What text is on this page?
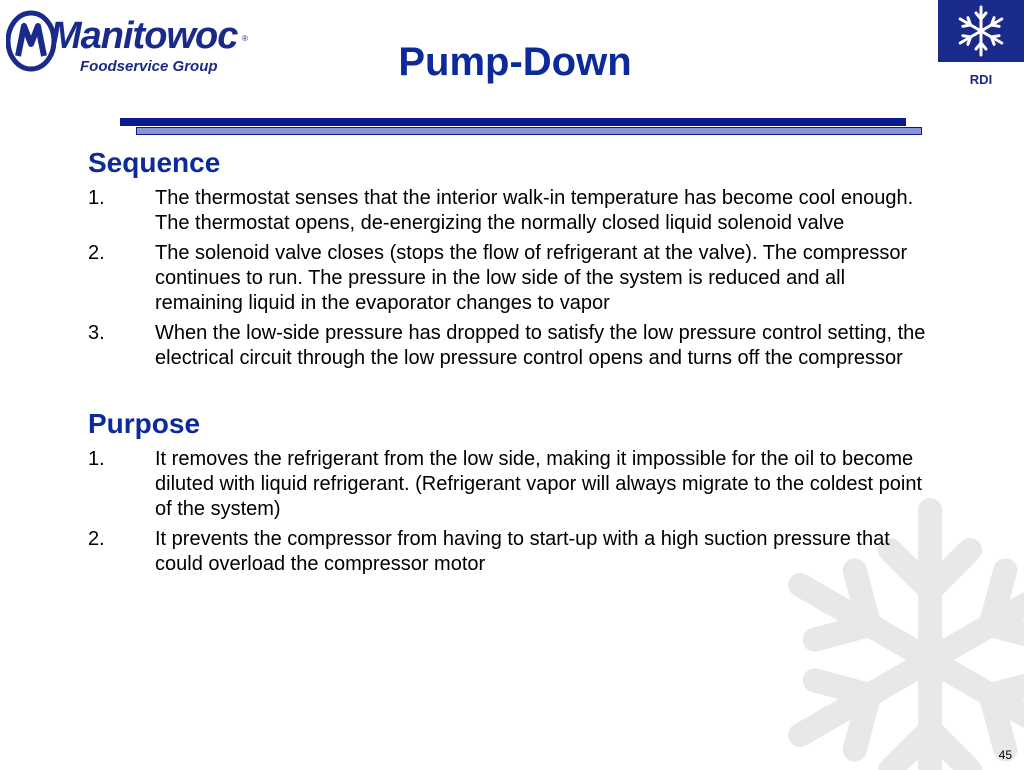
Manitowoc ®
Foodservice Group	Pump-Down	RDI
Sequence
1.	The thermostat senses that the interior walk-in temperature has become cool enough. The thermostat opens, de-energizing the normally closed liquid solenoid valve
2.	The solenoid valve closes (stops the flow of refrigerant at the valve). The compressor continues to run. The pressure in the low side of the system is reduced and all remaining liquid in the evaporator changes to vapor
3.	When the low-side pressure has dropped to satisfy the low pressure control setting, the electrical circuit through the low pressure control opens and turns off the compressor
Purpose
1.	It removes the refrigerant from the low side, making it impossible for the oil to become diluted with liquid refrigerant. (Refrigerant vapor will always migrate to the coldest point of the system)
2.	It prevents the compressor from having to start-up with a high suction pressure that could overload the compressor motor
45
